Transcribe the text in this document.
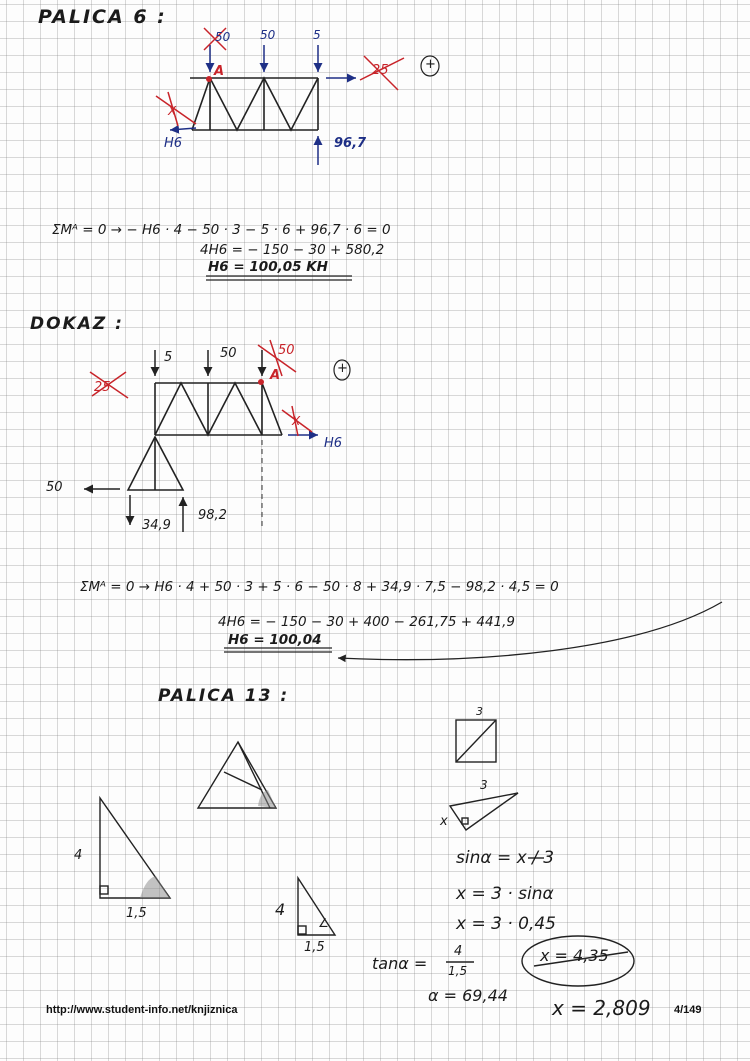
PALICA 6 :
50 50	5
A	25
X
+
H6	96,7
ΣMᴬ = 0 → − H6 · 4 − 50 · 3 − 5 · 6 + 96,7 · 6 = 0
4H6 = − 150 − 30 + 580,2
H6 = 100,05 KH
DOKAZ :
5	50	50
A
25
X
+
H6
50
34,9
98,2
ΣMᴬ = 0 → H6 · 4 + 50 · 3 + 5 · 6 − 50 · 8 + 34,9 · 7,5 − 98,2 · 4,5 = 0
4H6 = − 150 − 30 + 400 − 261,75 + 441,9
H6 = 100,04
PALICA 13 :
3
3
x
4
1,5	4
1,5
∠
sinα = x / 3
x = 3 · sinα
x = 3 · 0,45
x = 4,35
tanα =
4
1,5
α = 69,44
x = 2,809
http://www.student-info.net/knjiznica	4/149
